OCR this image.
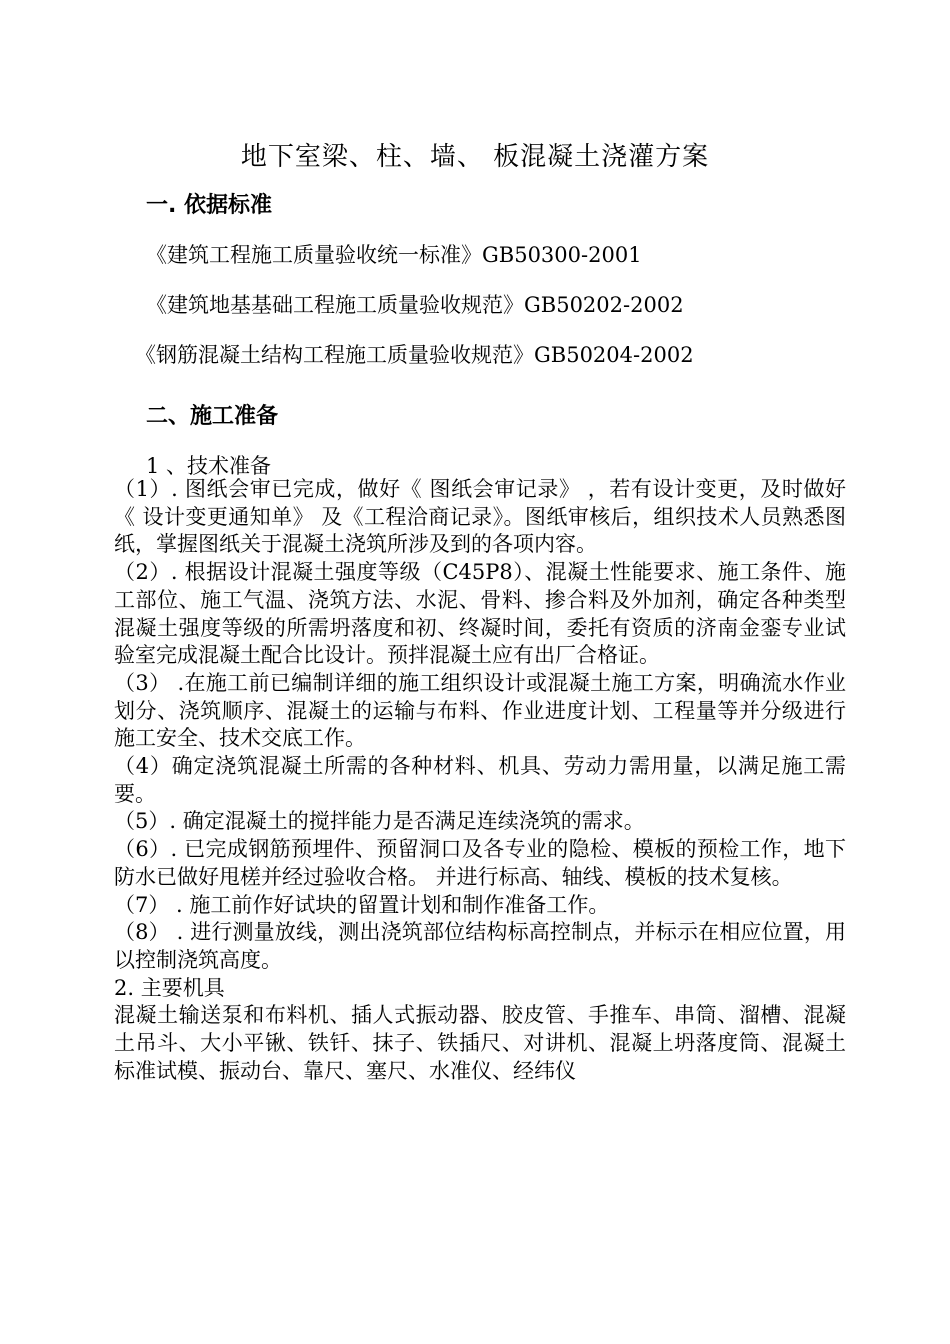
地下室梁、柱、墙、 板混凝土浇灌方案
一. 依据标准
《建筑工程施工质量验收统一标准》GB50300-2001
《建筑地基基础工程施工质量验收规范》GB50202-2002
《钢筋混凝土结构工程施工质量验收规范》GB50204-2002
二、施工准备
1 、技术准备

（1）. 图纸会审已完成，做好《 图纸会审记录》 ，若有设计变更，及时做好《 设计变更通知单》 及《工程洽商记录》。图纸审核后，组织技术人员熟悉图纸，掌握图纸关于混凝土浇筑所涉及到的各项内容。

（2）. 根据设计混凝土强度等级（C45P8）、混凝土性能要求、施工条件、施工部位、施工气温、浇筑方法、水泥、骨料、掺合料及外加剂，确定各种类型混凝土强度等级的所需坍落度和初、终凝时间，委托有资质的济南金銮专业试验室完成混凝土配合比设计。预拌混凝土应有出厂合格证。

（3） .在施工前已编制详细的施工组织设计或混凝土施工方案，明确流水作业划分、浇筑顺序、混凝土的运输与布料、作业进度计划、工程量等并分级进行施工安全、技术交底工作。

（4）确定浇筑混凝土所需的各种材料、机具、劳动力需用量，以满足施工需要。

（5）. 确定混凝土的搅拌能力是否满足连续浇筑的需求。

（6）. 已完成钢筋预埋件、预留洞口及各专业的隐检、模板的预检工作，地下防水已做好甩槎并经过验收合格。 并进行标高、轴线、模板的技术复核。

（7） . 施工前作好试块的留置计划和制作准备工作。

（8） . 进行测量放线，测出浇筑部位结构标高控制点，并标示在相应位置，用以控制浇筑高度。

2. 主要机具

混凝土输送泵和布料机、插人式振动器、胶皮管、手推车、串筒、溜槽、混凝土吊斗、大小平锹、铁钎、抹子、铁插尺、对讲机、混凝上坍落度筒、混凝土标准试模、振动台、靠尺、塞尺、水准仪、经纬仪
